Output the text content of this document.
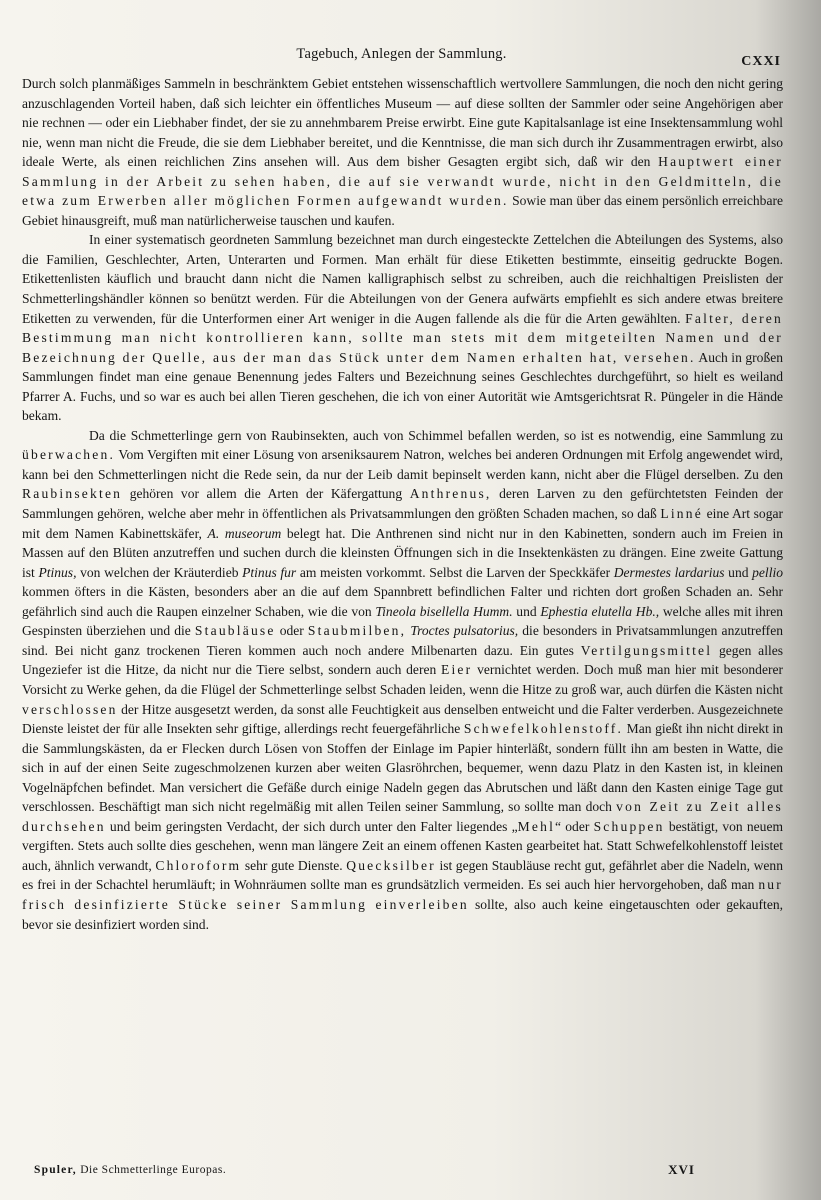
Tagebuch, Anlegen der Sammlung.	CXXI

Durch solch planmäßiges Sammeln in beschränktem Gebiet entstehen wissenschaftlich wertvollere Sammlungen, die noch den nicht gering anzuschlagenden Vorteil haben, daß sich leichter ein öffentliches Museum — auf diese sollten der Sammler oder seine Angehörigen aber nie rechnen — oder ein Liebhaber findet, der sie zu annehmbarem Preise erwirbt. Eine gute Kapitalsanlage ist eine Insektensammlung wohl nie, wenn man nicht die Freude, die sie dem Liebhaber bereitet, und die Kenntnisse, die man sich durch ihr Zusammentragen erwirbt, also ideale Werte, als einen reichlichen Zins ansehen will. Aus dem bisher Gesagten ergibt sich, daß wir den Hauptwert einer Sammlung in der Arbeit zu sehen haben, die auf sie verwandt wurde, nicht in den Geldmitteln, die etwa zum Erwerben aller möglichen Formen aufgewandt wurden. Sowie man über das einem persönlich erreichbare Gebiet hinausgreift, muß man natürlicherweise tauschen und kaufen.

In einer systematisch geordneten Sammlung bezeichnet man durch eingesteckte Zettelchen die Abteilungen des Systems, also die Familien, Geschlechter, Arten, Unterarten und Formen. Man erhält für diese Etiketten bestimmte, einseitig gedruckte Bogen. Etikettenlisten käuflich und braucht dann nicht die Namen kalligraphisch selbst zu schreiben, auch die reichhaltigen Preislisten der Schmetterlingshändler können so benützt werden. Für die Abteilungen von der Genera aufwärts empfiehlt es sich andere etwas breitere Etiketten zu verwenden, für die Unterformen einer Art weniger in die Augen fallende als die für die Arten gewählten. Falter, deren Bestimmung man nicht kontrollieren kann, sollte man stets mit dem mitgeteilten Namen und der Bezeichnung der Quelle, aus der man das Stück unter dem Namen erhalten hat, versehen. Auch in großen Sammlungen findet man eine genaue Benennung jedes Falters und Bezeichnung seines Geschlechtes durchgeführt, so hielt es weiland Pfarrer A. Fuchs, und so war es auch bei allen Tieren geschehen, die ich von einer Autorität wie Amtsgerichtsrat R. Püngeler in die Hände bekam.

Da die Schmetterlinge gern von Raubinsekten, auch von Schimmel befallen werden, so ist es notwendig, eine Sammlung zu überwachen. Vom Vergiften mit einer Lösung von arseniksaurem Natron, welches bei anderen Ordnungen mit Erfolg angewendet wird, kann bei den Schmetterlingen nicht die Rede sein, da nur der Leib damit bepinselt werden kann, nicht aber die Flügel derselben. Zu den Raubinsekten gehören vor allem die Arten der Käfergattung Anthrenus, deren Larven zu den gefürchtetsten Feinden der Sammlungen gehören, welche aber mehr in öffentlichen als Privatsammlungen den größten Schaden machen, so daß Linné eine Art sogar mit dem Namen Kabinettskäfer, A. museorum belegt hat. Die Anthrenen sind nicht nur in den Kabinetten, sondern auch im Freien in Massen auf den Blüten anzutreffen und suchen durch die kleinsten Öffnungen sich in die Insektenkästen zu drängen. Eine zweite Gattung ist Ptinus, von welchen der Kräuterdieb Ptinus fur am meisten vorkommt. Selbst die Larven der Speckkäfer Dermestes lardarius und pellio kommen öfters in die Kästen, besonders aber an die auf dem Spannbrett befindlichen Falter und richten dort großen Schaden an. Sehr gefährlich sind auch die Raupen einzelner Schaben, wie die von Tineola bisellella Humm. und Ephestia elutella Hb., welche alles mit ihren Gespinsten überziehen und die Staubläuse oder Staubmilben, Troctes pulsatorius, die besonders in Privatsammlungen anzutreffen sind. Bei nicht ganz trockenen Tieren kommen auch noch andere Milbenarten dazu. Ein gutes Vertilgungsmittel gegen alles Ungeziefer ist die Hitze, da nicht nur die Tiere selbst, sondern auch deren Eier vernichtet werden. Doch muß man hier mit besonderer Vorsicht zu Werke gehen, da die Flügel der Schmetterlinge selbst Schaden leiden, wenn die Hitze zu groß war, auch dürfen die Kästen nicht verschlossen der Hitze ausgesetzt werden, da sonst alle Feuchtigkeit aus denselben entweicht und die Falter verderben. Ausgezeichnete Dienste leistet der für alle Insekten sehr giftige, allerdings recht feuergefährliche Schwefelkohlenstoff. Man gießt ihn nicht direkt in die Sammlungskästen, da er Flecken durch Lösen von Stoffen der Einlage im Papier hinterläßt, sondern füllt ihn am besten in Watte, die sich in auf der einen Seite zugeschmolzenen kurzen aber weiten Glasröhrchen, bequemer, wenn dazu Platz in den Kasten ist, in kleinen Vogelnäpfchen befindet. Man versichert die Gefäße durch einige Nadeln gegen das Abrutschen und läßt dann den Kasten einige Tage gut verschlossen. Beschäftigt man sich nicht regelmäßig mit allen Teilen seiner Sammlung, so sollte man doch von Zeit zu Zeit alles durchsehen und beim geringsten Verdacht, der sich durch unter den Falter liegendes „Mehl“ oder Schuppen bestätigt, von neuem vergiften. Stets auch sollte dies geschehen, wenn man längere Zeit an einem offenen Kasten gearbeitet hat. Statt Schwefelkohlenstoff leistet auch, ähnlich verwandt, Chloroform sehr gute Dienste. Quecksilber ist gegen Staubläuse recht gut, gefährlet aber die Nadeln, wenn es frei in der Schachtel herumläuft; in Wohnräumen sollte man es grundsätzlich vermeiden. Es sei auch hier hervorgehoben, daß man nur frisch desinfizierte Stücke seiner Sammlung einverleiben sollte, also auch keine eingetauschten oder gekauften, bevor sie desinfiziert worden sind.

Spuler, Die Schmetterlinge Europas.	XVI
